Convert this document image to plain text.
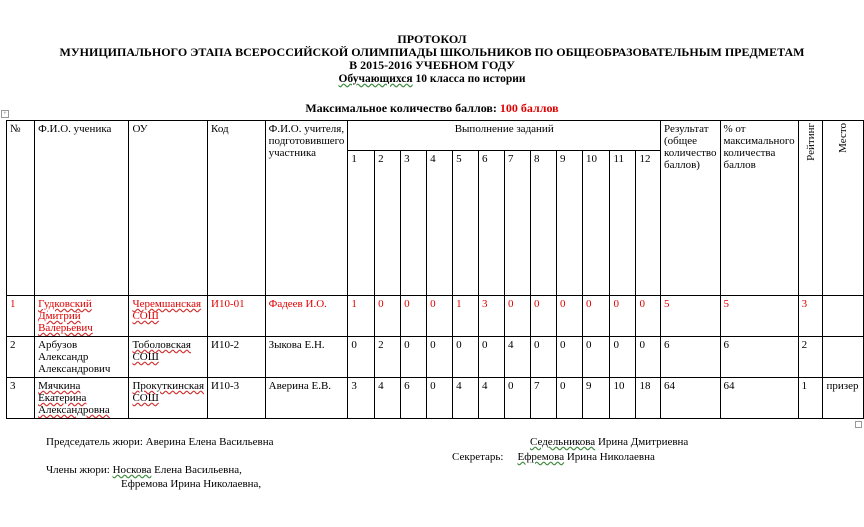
ПРОТОКОЛ
МУНИЦИПАЛЬНОГО ЭТАПА ВСЕРОССИЙСКОЙ ОЛИМПИАДЫ ШКОЛЬНИКОВ ПО ОБЩЕОБРАЗОВАТЕЛЬНЫМ ПРЕДМЕТАМ
В 2015-2016 УЧЕБНОМ ГОДУ
Обучающихся 10 класса по истории
Максимальное количество баллов: 100 баллов
+
№	Ф.И.О. ученика	ОУ	Код	Ф.И.О. учителя, подготовившего участника	Выполнение заданий												Результат (общее количество баллов)	% от максимального количества баллов	Рейтинг	Место
					1	2	3	4	5	6	7	8	9	10	11	12				
1	Гудковский Дмитрий Валерьевич	Черемшанская СОШ	И10-01	Фадеев И.О.	1	0	0	0	1	3	0	0	0	0	0	0	5	5	3	
2	Арбузов Александр Александрович	Тоболовская СОШ	И10-2	Зыкова Е.Н.	0	2	0	0	0	0	4	0	0	0	0	0	6	6	2	
3	Мячкина Екатерина Александровна	Прокуткинская СОШ	И10-3	Аверина Е.В.	3	4	6	0	4	4	0	7	0	9	10	18	64	64	1	призер
Председатель жюри: Аверина Елена Васильевна	Седельникова Ирина Дмитриевна
Секретарь: Ефремова Ирина Николаевна
Члены жюри: Носкова Елена Васильевна,
Ефремова Ирина Николаевна,
